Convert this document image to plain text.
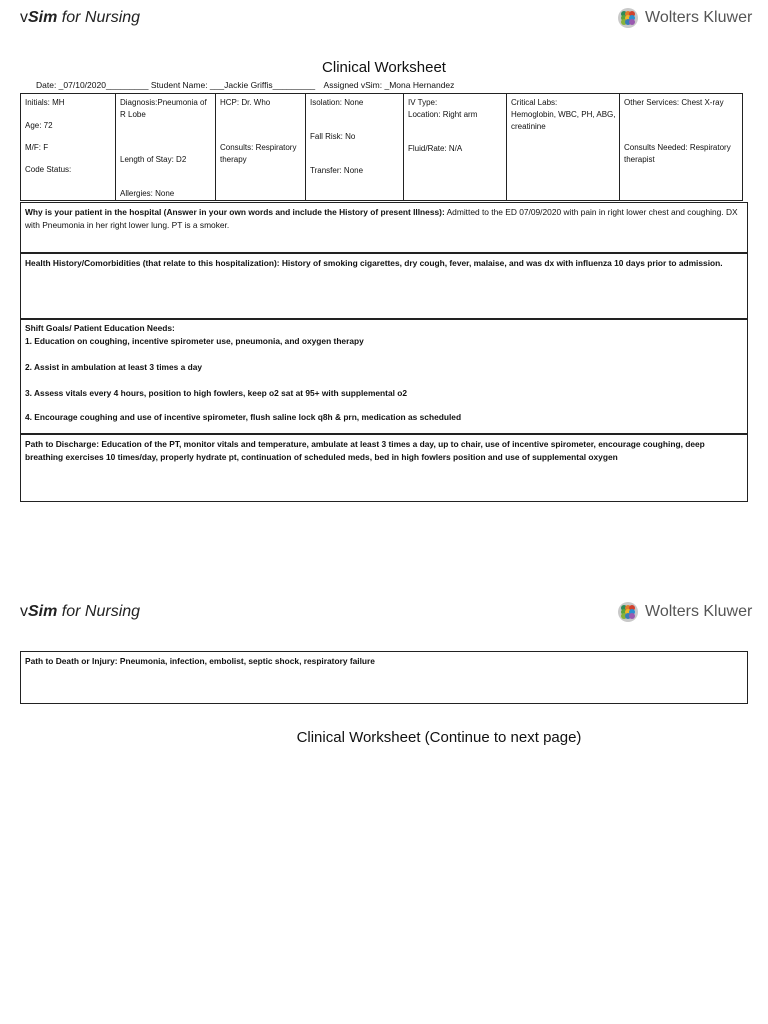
vSim for Nursing	Wolters Kluwer
Clinical Worksheet
Date: _07/10/2020_________ Student Name: ___Jackie Griffis_________ Assigned vSim: _Mona Hernandez
Initials: MH
Age: 72
M/F: F
Code Status:
Diagnosis:Pneumonia of R Lobe
Length of Stay: D2
Allergies: None
HCP: Dr. Who
Consults: Respiratory therapy
Isolation: None
Fall Risk: No
Transfer: None
IV Type:
Location: Right arm
Fluid/Rate: N/A
Critical Labs:
Hemoglobin, WBC, PH, ABG, creatinine
Other Services: Chest X-ray
Consults Needed: Respiratory therapist
Why is your patient in the hospital (Answer in your own words and include the History of present Illness): Admitted to the ED 07/09/2020 with pain in right lower chest and coughing. DX with Pneumonia in her right lower lung. PT is a smoker.
Health History/Comorbidities (that relate to this hospitalization): History of smoking cigarettes, dry cough, fever, malaise, and was dx with influenza 10 days prior to admission.
Shift Goals/ Patient Education Needs:
1. Education on coughing, incentive spirometer use, pneumonia, and oxygen therapy
2. Assist in ambulation at least 3 times a day
3. Assess vitals every 4 hours, position to high fowlers, keep o2 sat at 95+ with supplemental o2
4. Encourage coughing and use of incentive spirometer, flush saline lock q8h & prn, medication as scheduled
Path to Discharge: Education of the PT, monitor vitals and temperature, ambulate at least 3 times a day, up to chair, use of incentive spirometer, encourage coughing, deep breathing exercises 10 times/day, properly hydrate pt, continuation of scheduled meds, bed in high fowlers position and use of supplemental oxygen
vSim for Nursing	Wolters Kluwer
Path to Death or Injury: Pneumonia, infection, embolist, septic shock, respiratory failure
Clinical Worksheet (Continue to next page)
